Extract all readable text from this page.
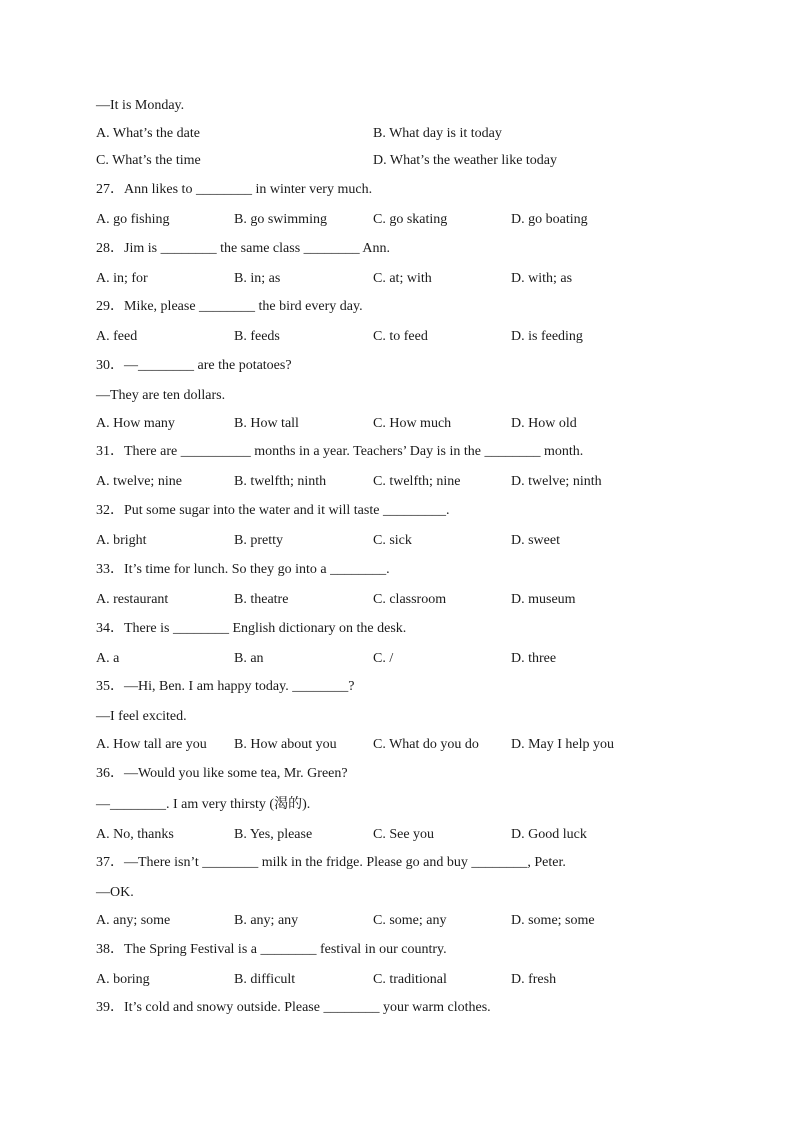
—It is Monday.
A. What’s the date	B. What day is it today
C. What’s the time	D. What’s the weather like today
27．Ann likes to ________ in winter very much.
A. go fishing	B. go swimming	C. go skating	D. go boating
28．Jim is ________ the same class ________ Ann.
A. in; for	B. in; as	C. at; with	D. with; as
29．Mike, please ________ the bird every day.
A. feed	B. feeds	C. to feed	D. is feeding
30．—________ are the potatoes?
—They are ten dollars.
A. How many	B. How tall	C. How much	D. How old
31．There are __________ months in a year. Teachers’ Day is in the ________ month.
A. twelve; nine	B. twelfth; ninth	C. twelfth; nine	D. twelve; ninth
32．Put some sugar into the water and it will taste _________.
A. bright	B. pretty	C. sick	D. sweet
33．It’s time for lunch. So they go into a ________.
A. restaurant	B. theatre	C. classroom	D. museum
34．There is ________ English dictionary on the desk.
A. a	B. an	C. /	D. three
35．—Hi, Ben. I am happy today. ________?
—I feel excited.
A. How tall are you B. How about you	C. What do you do D. May I help you
36．—Would you like some tea, Mr. Green?
—________. I am very thirsty (渴的).
A. No, thanks	B. Yes, please	C. See you	D. Good luck
37．—There isn’t ________ milk in the fridge. Please go and buy ________, Peter.
—OK.
A. any; some	B. any; any	C. some; any	D. some; some
38．The Spring Festival is a ________ festival in our country.
A. boring	B. difficult	C. traditional	D. fresh
39．It’s cold and snowy outside. Please ________ your warm clothes.
